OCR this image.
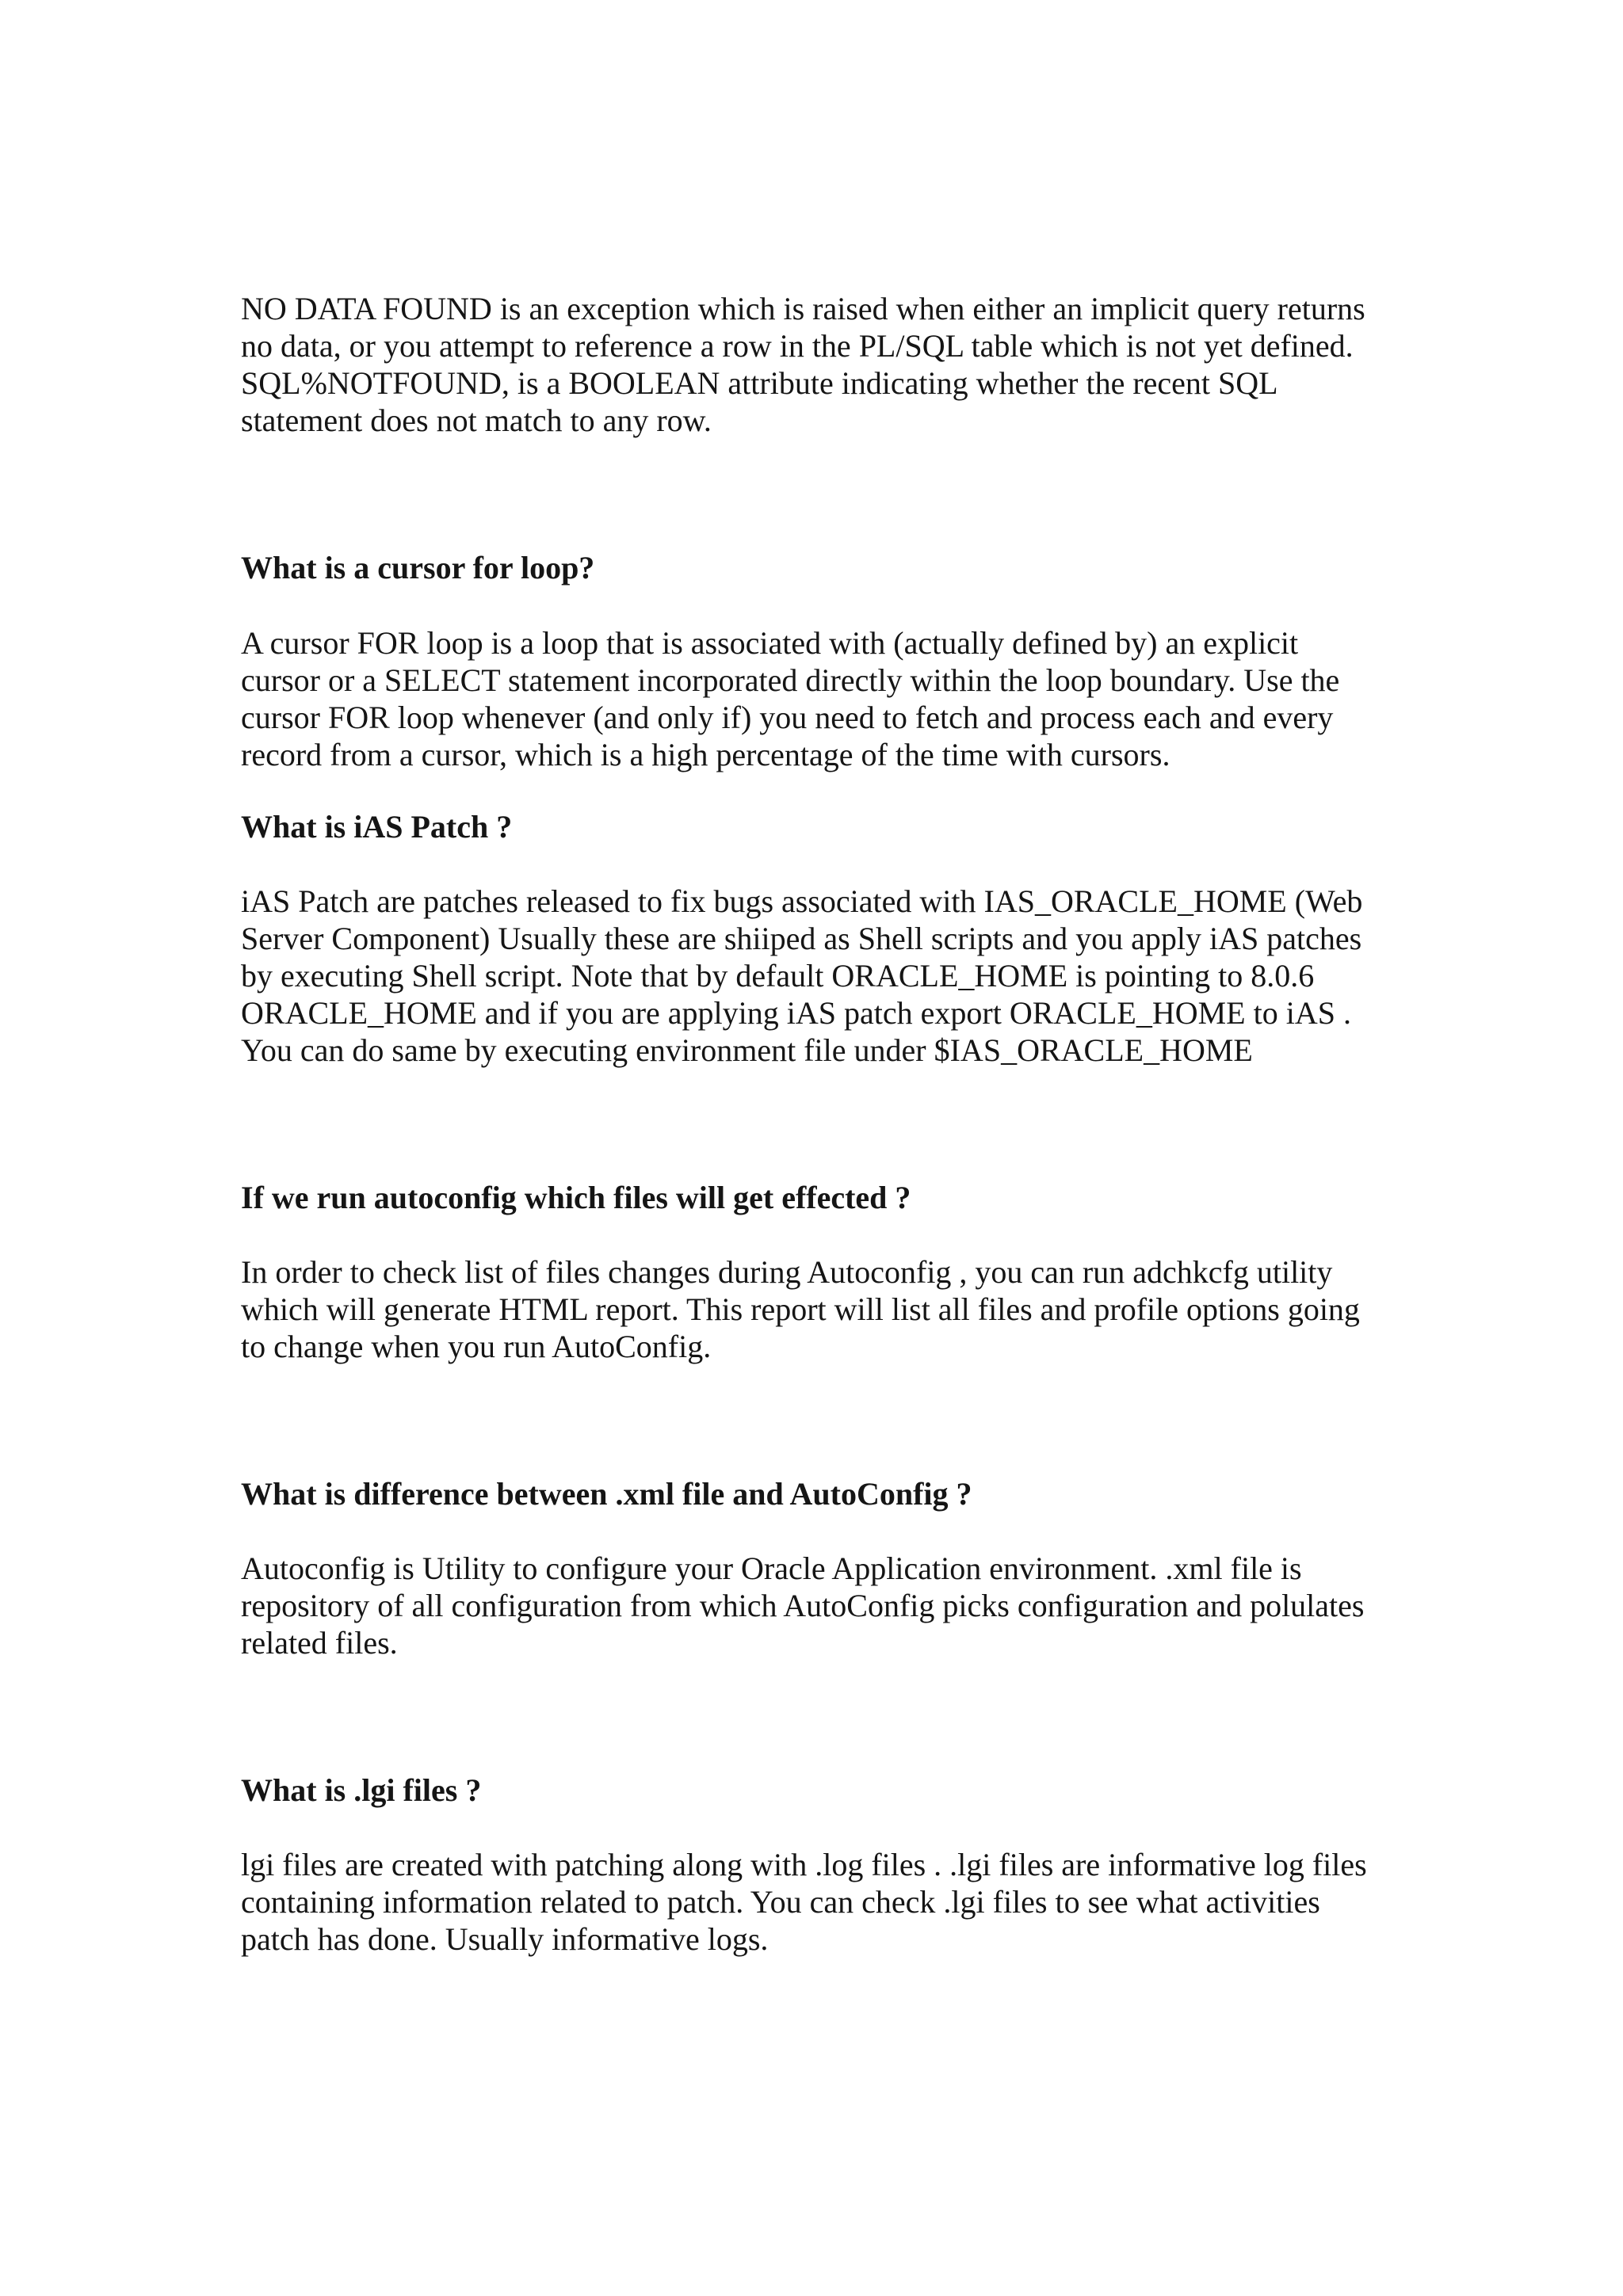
NO DATA FOUND is an exception which is raised when either an implicit query returns
no data, or you attempt to reference a row in the PL/SQL table which is not yet defined.
SQL%NOTFOUND, is a BOOLEAN attribute indicating whether the recent SQL
statement does not match to any row.

What is a cursor for loop?

A cursor FOR loop is a loop that is associated with (actually defined by) an explicit
cursor or a SELECT statement incorporated directly within the loop boundary. Use the
cursor FOR loop whenever (and only if) you need to fetch and process each and every
record from a cursor, which is a high percentage of the time with cursors.

What is iAS Patch ?

iAS Patch are patches released to fix bugs associated with IAS_ORACLE_HOME (Web
Server Component) Usually these are shiiped as Shell scripts and you apply iAS patches
by executing Shell script. Note that by default ORACLE_HOME is pointing to 8.0.6
ORACLE_HOME and if you are applying iAS patch export ORACLE_HOME to iAS .
You can do same by executing environment file under $IAS_ORACLE_HOME

If we run autoconfig which files will get effected ?

In order to check list of files changes during Autoconfig , you can run adchkcfg utility
which will generate HTML report. This report will list all files and profile options going
to change when you run AutoConfig.

What is difference between .xml file and AutoConfig ?

Autoconfig is Utility to configure your Oracle Application environment. .xml file is
repository of all configuration from which AutoConfig picks configuration and polulates
related files.

What is .lgi files ?

lgi files are created with patching along with .log files . .lgi files are informative log files
containing information related to patch. You can check .lgi files to see what activities
patch has done. Usually informative logs.
